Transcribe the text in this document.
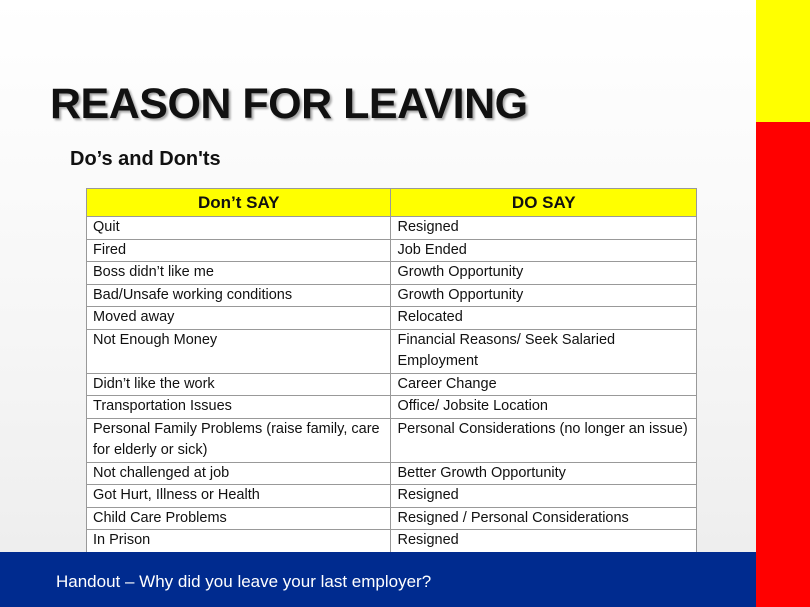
REASON FOR LEAVING
Do’s and Don'ts
Don’t SAY	DO SAY
Quit	Resigned
Fired	Job Ended
Boss didn’t like me	Growth Opportunity
Bad/Unsafe working conditions	Growth Opportunity
Moved away	Relocated
Not Enough Money	Financial Reasons/ Seek Salaried Employment
Didn’t like the work	Career Change
Transportation Issues	Office/ Jobsite Location
Personal Family Problems (raise family, care for elderly or sick)	Personal Considerations (no longer an issue)
Not challenged at job	Better Growth Opportunity
Got Hurt, Illness or Health	Resigned
Child Care Problems	Resigned / Personal Considerations
In Prison	Resigned
Handout – Why did you leave your last employer?
